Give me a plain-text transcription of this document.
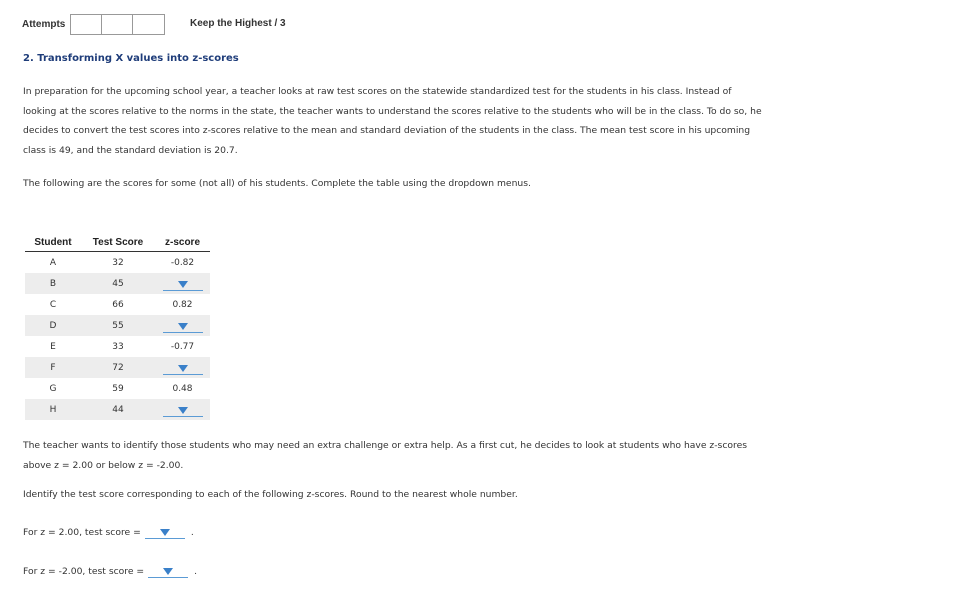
Attempts	Keep the Highest / 3
2. Transforming X values into z-scores

In preparation for the upcoming school year, a teacher looks at raw test scores on the statewide standardized test for the students in his class. Instead of looking at the scores relative to the norms in the state, the teacher wants to understand the scores relative to the students who will be in the class. To do so, he decides to convert the test scores into z-scores relative to the mean and standard deviation of the students in the class. The mean test score in his upcoming class is 49, and the standard deviation is 20.7.

The following are the scores for some (not all) of his students. Complete the table using the dropdown menus.

Student	Test Score	z-score
A	32	-0.82
B	45	

C	66	0.82
D	55	

E	33	-0.77
F	72	

G	59	0.48
H	44	

The teacher wants to identify those students who may need an extra challenge or extra help. As a first cut, he decides to look at students who have z-scores above z = 2.00 or below z = -2.00.

Identify the test score corresponding to each of the following z-scores. Round to the nearest whole number.

For z = 2.00, test score =	.
For z = -2.00, test score =	.
